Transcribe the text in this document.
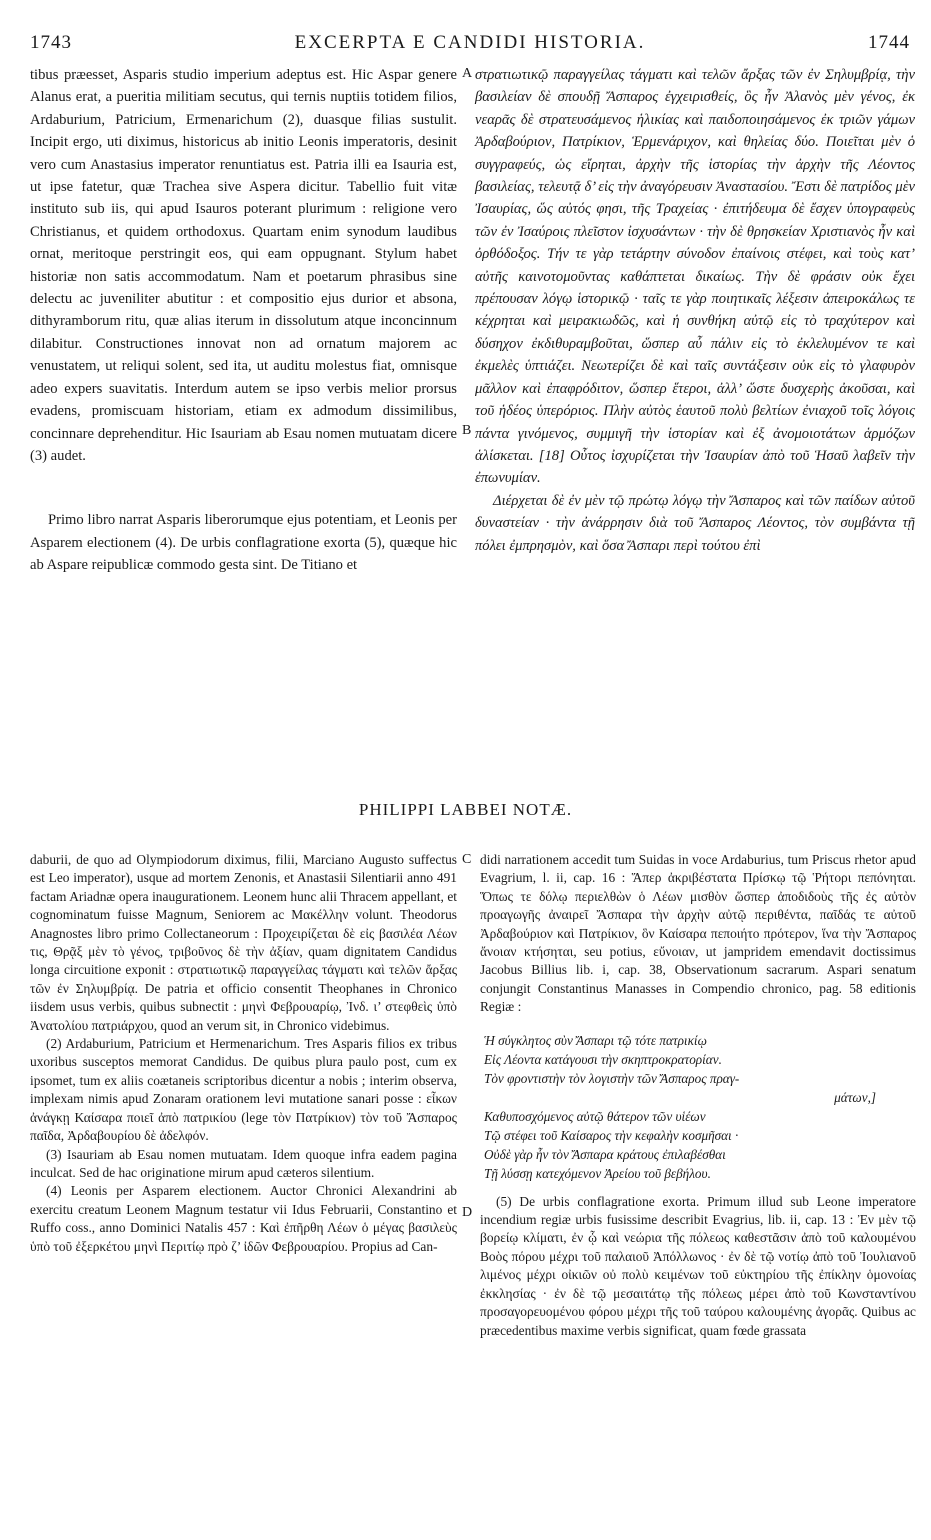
1743	EXCERPTA E CANDIDI HISTORIA.	1744

tibus præesset, Asparis studio imperium adeptus est. Hic Aspar genere Alanus erat, a pueritia militiam secutus, qui ternis nuptiis totidem filios, Ardaburium, Patricium, Ermenarichum (2), duasque filias sustulit. Incipit ergo, uti diximus, historicus ab initio Leonis imperatoris, desinit vero cum Anastasius imperator renuntiatus est. Patria illi ea Isauria est, ut ipse fatetur, quæ Trachea sive Aspera dicitur. Tabellio fuit vitæ instituto sub iis, qui apud Isauros poterant plurimum : religione vero Christianus, et quidem orthodoxus. Quartam enim synodum laudibus ornat, meritoque perstringit eos, qui eam oppugnant. Stylum habet historiæ non satis accommodatum. Nam et poetarum phrasibus sine delectu ac juveniliter abutitur : et compositio ejus durior et absona, dithyramborum ritu, quæ alias iterum in dissolutum atque inconcinnum dilabitur. Constructiones innovat non ad ornatum majorem ac venustatem, ut reliqui solent, sed ita, ut auditu molestus fiat, omnisque adeo expers suavitatis. Interdum autem se ipso verbis melior prorsus evadens, promiscuam historiam, etiam ex admodum dissimilibus, concinnare deprehenditur. Hic Isauriam ab Esau nomen mutuatam dicere (3) audet.

Primo libro narrat Asparis liberorumque ejus potentiam, et Leonis per Asparem electionem (4). De urbis conflagratione exorta (5), quæque hic ab Aspare reipublicæ commodo gesta sint. De Titiano et

A
B

στρατιωτικῷ παραγγείλας τάγματι καὶ τελῶν ἄρξας τῶν ἐν Σηλυμβρίᾳ, τὴν βασιλείαν δὲ σπουδῇ Ἄσπαρος ἐγχειρισθείς, ὃς ἦν Ἀλανὸς μὲν γένος, ἐκ νεαρᾶς δὲ στρατευσάμενος ἡλικίας καὶ παιδοποιησάμενος ἐκ τριῶν γάμων Ἀρδαβούριον, Πατρίκιον, Ἑρμενάριχον, καὶ θηλείας δύο. Ποιεῖται μὲν ὁ συγγραφεύς, ὡς εἴρηται, ἀρχὴν τῆς ἱστορίας τὴν ἀρχὴν τῆς Λέοντος βασιλείας, τελευτᾷ δ’ εἰς τὴν ἀναγόρευσιν Ἀναστασίου. Ἔστι δὲ πατρίδος μὲν Ἰσαυρίας, ὥς αὐτός φησι, τῆς Τραχείας · ἐπιτήδευμα δὲ ἔσχεν ὑπογραφεὺς τῶν ἐν Ἰσαύροις πλεῖστον ἰσχυσάντων · τὴν δὲ θρησκείαν Χριστιανὸς ἦν καὶ ὀρθόδοξος. Τήν τε γὰρ τετάρτην σύνοδον ἐπαίνοις στέφει, καὶ τοὺς κατ’ αὐτῆς καινοτομοῦντας καθάπτεται δικαίως. Τὴν δὲ φράσιν οὐκ ἔχει πρέπουσαν λόγῳ ἱστορικῷ · ταῖς τε γὰρ ποιητικαῖς λέξεσιν ἀπειροκάλως τε κέχρηται καὶ μειρακιωδῶς, καὶ ἡ συνθήκη αὐτῷ εἰς τὸ τραχύτερον καὶ δύσηχον ἐκδιθυραμβοῦται, ὥσπερ αὖ πάλιν εἰς τὸ ἐκλελυμένον τε καὶ ἐκμελὲς ὑπτιάζει. Νεωτερίζει δὲ καὶ ταῖς συντάξεσιν οὐκ εἰς τὸ γλαφυρὸν μᾶλλον καὶ ἐπαφρόδιτον, ὥσπερ ἕτεροι, ἀλλ’ ὥστε δυσχερὴς ἀκοῦσαι, καὶ τοῦ ἡδέος ὑπερόριος. Πλὴν αὐτὸς ἑαυτοῦ πολὺ βελτίων ἐνιαχοῦ τοῖς λόγοις πάντα γινόμενος, συμμιγῆ τὴν ἱστορίαν καὶ ἐξ ἀνομοιοτάτων ἁρμόζων ἁλίσκεται. [18] Οὗτος ἰσχυρίζεται τὴν Ἰσαυρίαν ἀπὸ τοῦ Ἡσαῦ λαβεῖν τὴν ἐπωνυμίαν.

Διέρχεται δὲ ἐν μὲν τῷ πρώτῳ λόγῳ τὴν Ἄσπαρος καὶ τῶν παίδων αὐτοῦ δυναστείαν · τὴν ἀνάρρησιν διὰ τοῦ Ἄσπαρος Λέοντος, τὸν συμβάντα τῇ πόλει ἐμπρησμὸν, καὶ ὅσα Ἄσπαρι περὶ τούτου ἐπὶ

PHILIPPI LABBEI NOTÆ.

daburii, de quo ad Olympiodorum diximus, filii, Marciano Augusto suffectus est Leo imperator), usque ad mortem Zenonis, et Anastasii Silentiarii anno 491 factam Ariadnæ opera inaugurationem. Leonem hunc alii Thracem appellant, et cognominatum fuisse Magnum, Seniorem ac Μακέλλην volunt. Theodorus Anagnostes libro primo Collectaneorum : Προχειρίζεται δὲ εἰς βασιλέα Λέων τις, Θρᾷξ μὲν τὸ γένος, τριβοῦνος δὲ τὴν ἀξίαν, quam dignitatem Candidus longa circuitione exponit : στρατιωτικῷ παραγγείλας τάγματι καὶ τελῶν ἄρξας τῶν ἐν Σηλυμβρίᾳ. De patria et officio consentit Theophanes in Chronico iisdem usus verbis, quibus subnectit : μηνὶ Φεβρουαρίῳ, Ἰνδ. ι’ στεφθεὶς ὑπὸ Ἀνατολίου πατριάρχου, quod an verum sit, in Chronico videbimus.

(2) Ardaburium, Patricium et Hermenarichum. Tres Asparis filios ex tribus uxoribus susceptos memorat Candidus. De quibus plura paulo post, cum ex ipsomet, tum ex aliis coætaneis scriptoribus dicentur a nobis ; interim observa, implexam nimis apud Zonaram orationem levi mutatione sanari posse : εἶκων ἀνάγκῃ Καίσαρα ποιεῖ ἀπὸ πατρικίου (lege τὸν Πατρίκιον) τὸν τοῦ Ἄσπαρος παῖδα, Ἀρδαβουρίου δὲ ἀδελφόν.

(3) Isauriam ab Esau nomen mutuatam. Idem quoque infra eadem pagina inculcat. Sed de hac originatione mirum apud cæteros silentium.

(4) Leonis per Asparem electionem. Auctor Chronici Alexandrini ab exercitu creatum Leonem Magnum testatur vii Idus Februarii, Constantino et Ruffo coss., anno Dominici Natalis 457 : Καὶ ἐπῆρθη Λέων ὁ μέγας βασιλεὺς ὑπὸ τοῦ ἐξερκέτου μηνὶ Περιτίῳ πρὸ ζ’ ἰδῶν Φεβρουαρίου. Propius ad Can-

C
D

didi narrationem accedit tum Suidas in voce Ardaburius, tum Priscus rhetor apud Evagrium, l. ii, cap. 16 : Ἅπερ ἀκριβέστατα Πρίσκῳ τῷ Ῥήτορι πεπόνηται. Ὅπως τε δόλῳ περιελθὼν ὁ Λέων μισθὸν ὥσπερ ἀποδιδοὺς τῆς ἐς αὐτὸν προαγωγῆς ἀναιρεῖ Ἄσπαρα τὴν ἀρχὴν αὐτῷ περιθέντα, παῖδάς τε αὐτοῦ Ἀρδαβούριον καὶ Πατρίκιον, ὃν Καίσαρα πεποιήτο πρότερον, ἵνα τὴν Ἄσπαρος ἄνοιαν κτήσηται, seu potius, εὔνοιαν, ut jampridem emendavit doctissimus Jacobus Billius lib. i, cap. 38, Observationum sacrarum. Aspari senatum conjungit Constantinus Manasses in Compendio chronico, pag. 58 editionis Regiæ :

Ἡ σύγκλητος σὺν Ἄσπαρι τῷ τότε πατρικίῳ
Εἰς Λέοντα κατάγουσι τὴν σκηπτροκρατορίαν.
Τὸν φροντιστὴν τὸν λογιστὴν τῶν Ἄσπαρος πραγ-
μάτων,]
Καθυποσχόμενος αὐτῷ θάτερον τῶν υἱέων
Τῷ στέφει τοῦ Καίσαρος τὴν κεφαλὴν κοσμῆσαι ·
Οὐδὲ γὰρ ἦν τὸν Ἄσπαρα κράτους ἐπιλαβέσθαι
Τῇ λύσσῃ κατεχόμενον Ἀρείου τοῦ βεβήλου.

(5) De urbis conflagratione exorta. Primum illud sub Leone imperatore incendium regiæ urbis fusissime describit Evagrius, lib. ii, cap. 13 : Ἐν μὲν τῷ βορείῳ κλίματι, ἐν ᾧ καὶ νεώρια τῆς πόλεως καθεστᾶσιν ἀπὸ τοῦ καλουμένου Βοὸς πόρου μέχρι τοῦ παλαιοῦ Ἀπόλλωνος · ἐν δὲ τῷ νοτίῳ ἀπὸ τοῦ Ἰουλιανοῦ λιμένος μέχρι οἰκιῶν οὐ πολὺ κειμένων τοῦ εὐκτηρίου τῆς ἐπίκλην ὁμονοίας ἐκκλησίας · ἐν δὲ τῷ μεσαιτάτῳ τῆς πόλεως μέρει ἀπὸ τοῦ Κωνσταντίνου προσαγορευομένου φόρου μέχρι τῆς τοῦ ταύρου καλουμένης ἀγορᾶς. Quibus ac præcedentibus maxime verbis significat, quam fœde grassata
